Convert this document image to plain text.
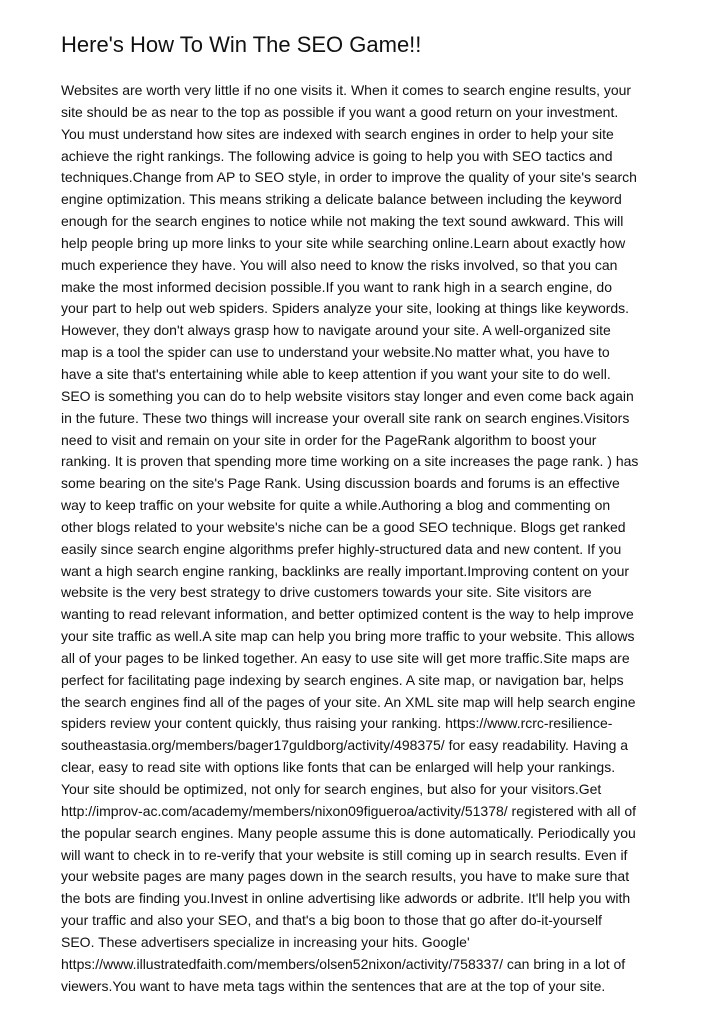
Here's How To Win The SEO Game!!
Websites are worth very little if no one visits it. When it comes to search engine results, your
site should be as near to the top as possible if you want a good return on your investment.
You must understand how sites are indexed with search engines in order to help your site
achieve the right rankings. The following advice is going to help you with SEO tactics and
techniques.Change from AP to SEO style, in order to improve the quality of your site's search
engine optimization. This means striking a delicate balance between including the keyword
enough for the search engines to notice while not making the text sound awkward. This will
help people bring up more links to your site while searching online.Learn about exactly how
much experience they have. You will also need to know the risks involved, so that you can
make the most informed decision possible.If you want to rank high in a search engine, do
your part to help out web spiders. Spiders analyze your site, looking at things like keywords.
However, they don't always grasp how to navigate around your site. A well-organized site
map is a tool the spider can use to understand your website.No matter what, you have to
have a site that's entertaining while able to keep attention if you want your site to do well.
SEO is something you can do to help website visitors stay longer and even come back again
in the future. These two things will increase your overall site rank on search engines.Visitors
need to visit and remain on your site in order for the PageRank algorithm to boost your
ranking. It is proven that spending more time working on a site increases the page rank. ) has
some bearing on the site's Page Rank. Using discussion boards and forums is an effective
way to keep traffic on your website for quite a while.Authoring a blog and commenting on
other blogs related to your website's niche can be a good SEO technique. Blogs get ranked
easily since search engine algorithms prefer highly-structured data and new content. If you
want a high search engine ranking, backlinks are really important.Improving content on your
website is the very best strategy to drive customers towards your site. Site visitors are
wanting to read relevant information, and better optimized content is the way to help improve
your site traffic as well.A site map can help you bring more traffic to your website. This allows
all of your pages to be linked together. An easy to use site will get more traffic.Site maps are
perfect for facilitating page indexing by search engines. A site map, or navigation bar, helps
the search engines find all of the pages of your site. An XML site map will help search engine
spiders review your content quickly, thus raising your ranking. https://www.rcrc-resilience-
southeastasia.org/members/bager17guldborg/activity/498375/ for easy readability. Having a
clear, easy to read site with options like fonts that can be enlarged will help your rankings.
Your site should be optimized, not only for search engines, but also for your visitors.Get
http://improv-ac.com/academy/members/nixon09figueroa/activity/51378/ registered with all of
the popular search engines. Many people assume this is done automatically. Periodically you
will want to check in to re-verify that your website is still coming up in search results. Even if
your website pages are many pages down in the search results, you have to make sure that
the bots are finding you.Invest in online advertising like adwords or adbrite. It'll help you with
your traffic and also your SEO, and that's a big boon to those that go after do-it-yourself
SEO. These advertisers specialize in increasing your hits. Google'
https://www.illustratedfaith.com/members/olsen52nixon/activity/758337/ can bring in a lot of
viewers.You want to have meta tags within the sentences that are at the top of your site.
